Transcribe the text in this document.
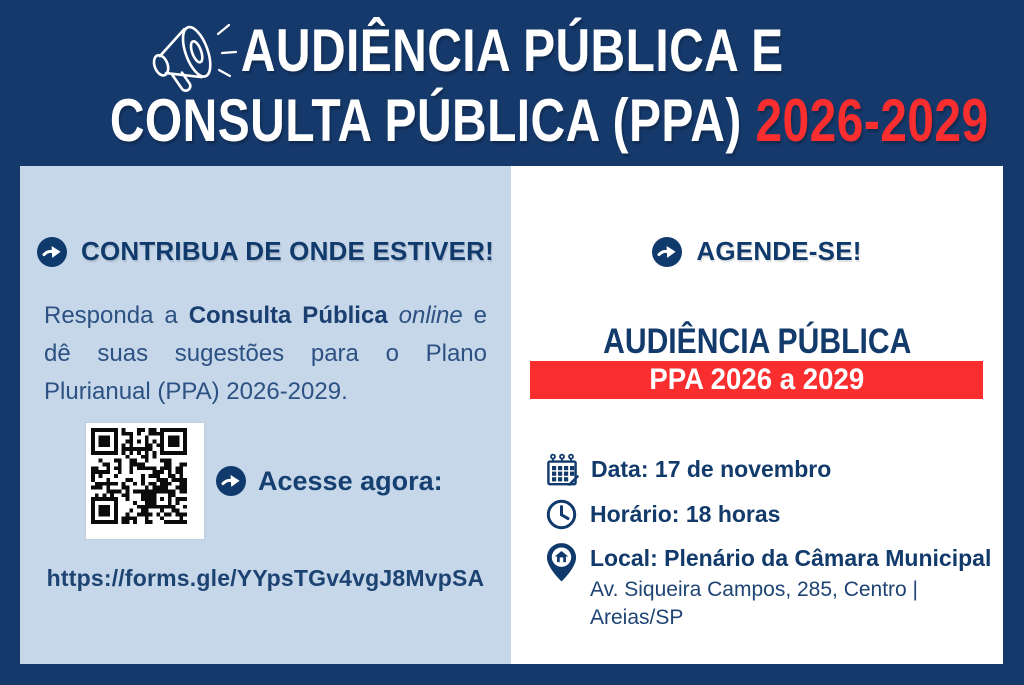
AUDIÊNCIA PÚBLICA E
CONSULTA PÚBLICA (PPA) 2026-2029
CONTRIBUA DE ONDE ESTIVER!

Responda a Consulta Pública online e dê suas sugestões para o Plano Plurianual (PPA) 2026-2029.

Acesse agora:
https://forms.gle/YYpsTGv4vgJ8MvpSA
AGENDE-SE!
AUDIÊNCIA PÚBLICA
PPA 2026 a 2029
Data: 17 de novembro
Horário: 18 horas
Local: Plenário da Câmara Municipal
Av. Siqueira Campos, 285, Centro | Areias/SP
